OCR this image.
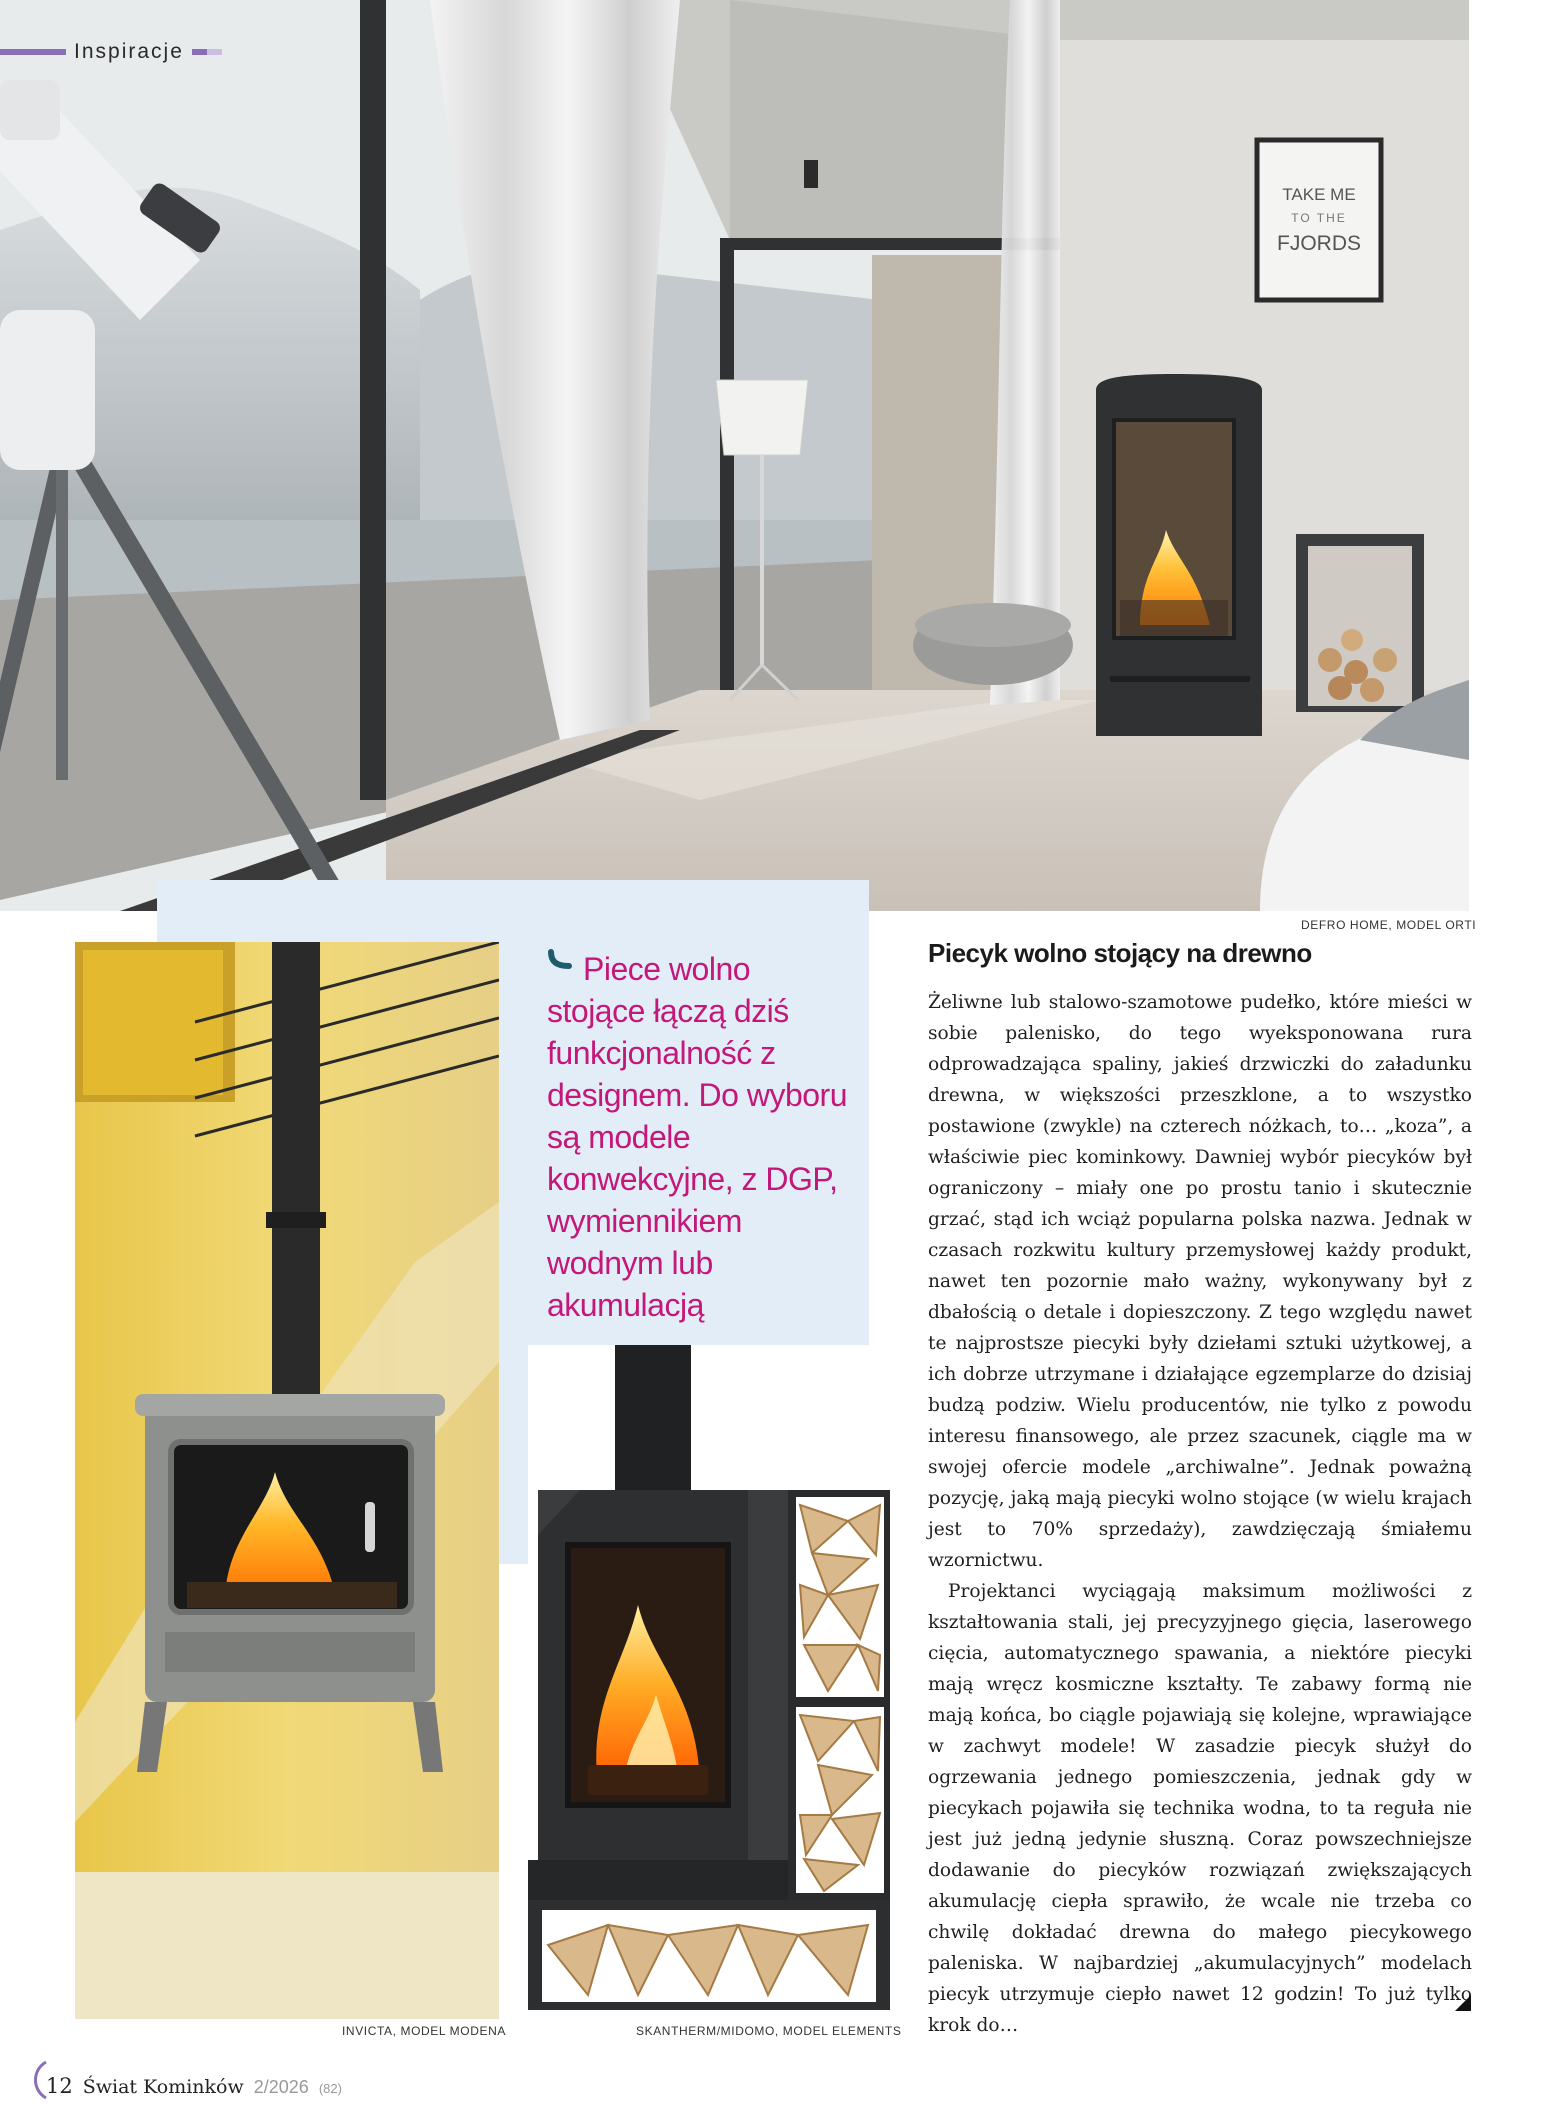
TAKE ME
TO THE
FJORDS
Inspiracje
DEFRO HOME, MODEL ORTI
INVICTA, MODEL MODENA	SKANTHERM/MIDOMO, MODEL ELEMENTS

Piece wolno stojące łączą dziś funkcjonalność z designem. Do wyboru są modele konwekcyjne, z DGP, wymiennikiem wodnym lub akumulacją

Piecyk wolno stojący na drewno

Żeliwne lub stalowo-szamotowe pudełko, które mieści w sobie palenisko, do tego wyeksponowana rura odprowadzająca spaliny, jakieś drzwiczki do załadunku drewna, w większości przeszklone, a to wszystko postawione (zwykle) na czterech nóżkach, to… „koza”, a właściwie piec kominkowy. Dawniej wybór piecyków był ograniczony – miały one po prostu tanio i skutecznie grzać, stąd ich wciąż popularna polska nazwa. Jednak w czasach rozkwitu kultury przemysłowej każdy produkt, nawet ten pozornie mało ważny, wykonywany był z dbałością o detale i dopieszczony. Z tego względu nawet te najprostsze piecyki były dziełami sztuki użytkowej, a ich dobrze utrzymane i działające egzemplarze do dzisiaj budzą podziw. Wielu producentów, nie tylko z powodu interesu finansowego, ale przez szacunek, ciągle ma w swojej ofercie modele „archiwalne”. Jednak poważną pozycję, jaką mają piecyki wolno stojące (w wielu krajach jest to 70% sprzedaży), zawdzięczają śmiałemu wzornictwu.

Projektanci wyciągają maksimum możliwości z kształtowania stali, jej precyzyjnego gięcia, laserowego cięcia, automatycznego spawania, a niektóre piecyki mają wręcz kosmiczne kształty. Te zabawy formą nie mają końca, bo ciągle pojawiają się kolejne, wprawiające w zachwyt modele! W zasadzie piecyk służył do ogrzewania jednego pomieszczenia, jednak gdy w piecykach pojawiła się technika wodna, to ta reguła nie jest już jedną jedynie słuszną. Coraz powszechniejsze dodawanie do piecyków rozwiązań zwiększających akumulację ciepła sprawiło, że wcale nie trzeba co chwilę dokładać drewna do małego piecykowego paleniska. W najbardziej „akumulacyjnych” modelach piecyk utrzymuje ciepło nawet 12 godzin! To już tylko krok do…

12 Świat Kominków 2/2026 (82)
